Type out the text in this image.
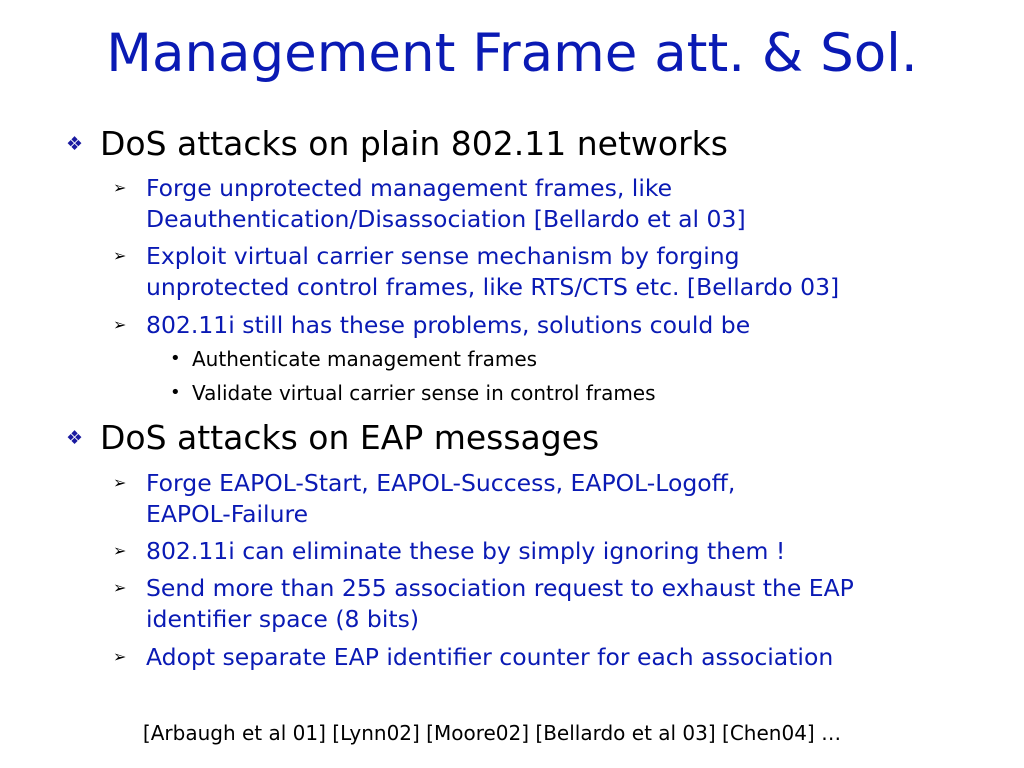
Management Frame att. & Sol.
❖ DoS attacks on plain 802.11 networks
➢ Forge unprotected management frames, like
Deauthentication/Disassociation [Bellardo et al 03]
➢ Exploit virtual carrier sense mechanism by forging
unprotected control frames, like RTS/CTS etc. [Bellardo 03]
➢ 802.11i still has these problems, solutions could be
• Authenticate management frames
• Validate virtual carrier sense in control frames
❖ DoS attacks on EAP messages
➢ Forge EAPOL-Start, EAPOL-Success, EAPOL-Logoff,
EAPOL-Failure
➢ 802.11i can eliminate these by simply ignoring them !
➢ Send more than 255 association request to exhaust the EAP
identifier space (8 bits)
➢ Adopt separate EAP identifier counter for each association
[Arbaugh et al 01] [Lynn02] [Moore02] [Bellardo et al 03] [Chen04] …
